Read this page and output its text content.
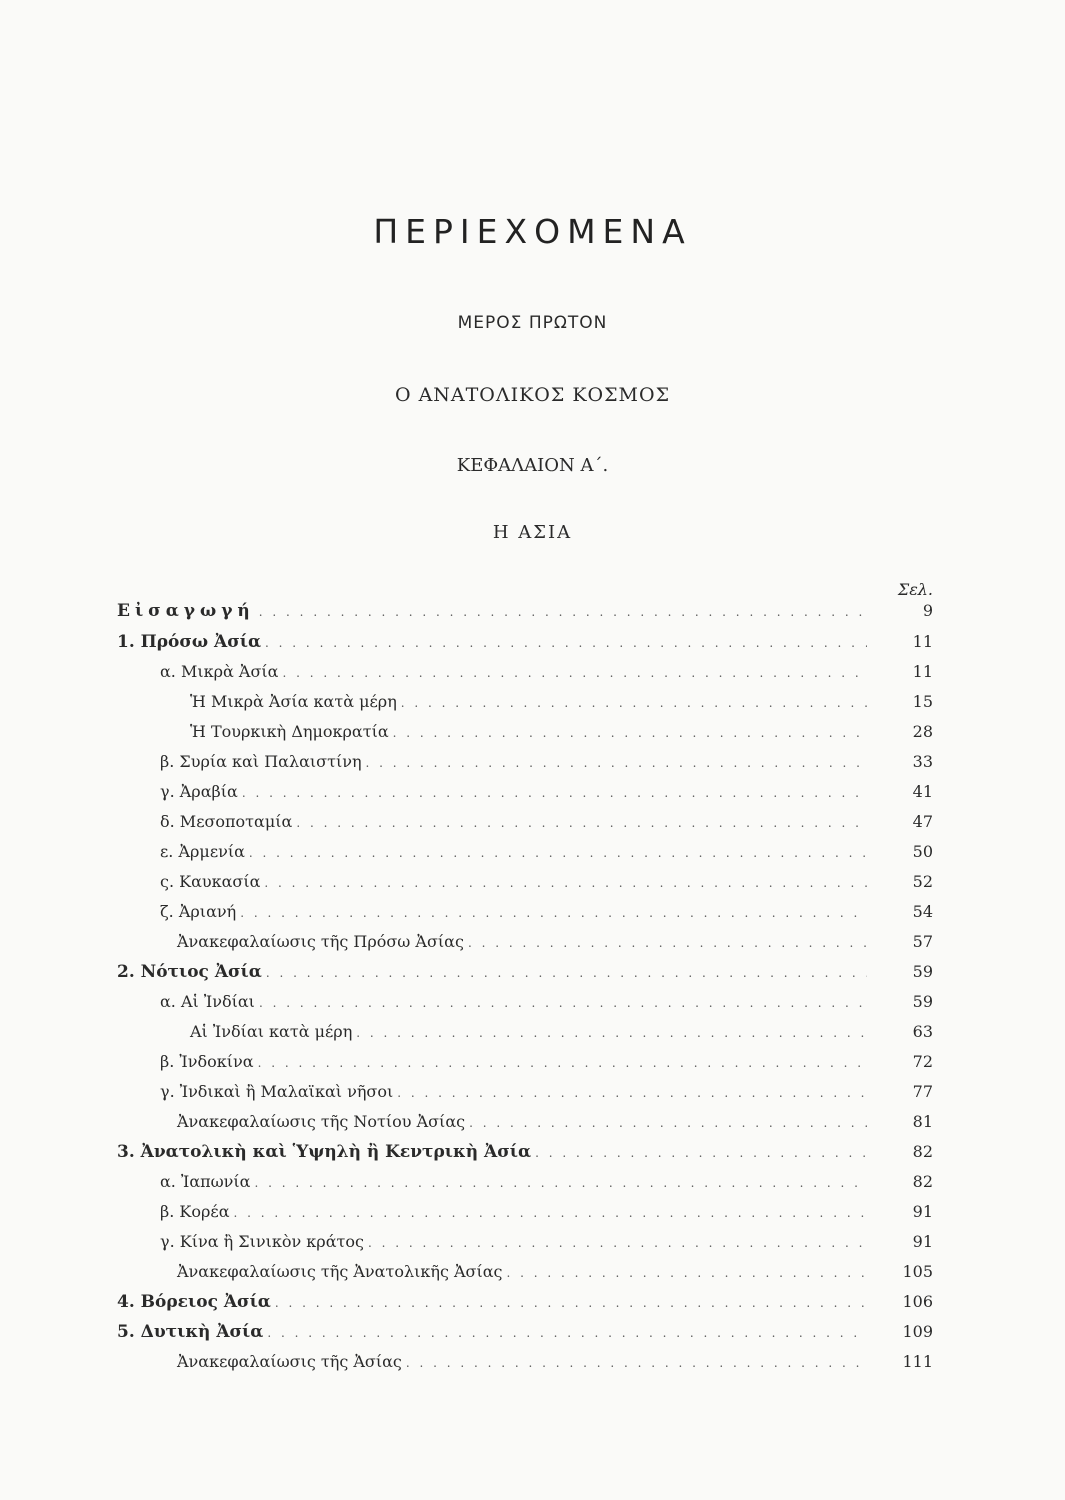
ΠΕΡΙΕΧΟΜΕΝΑ
ΜΕΡΟΣ ΠΡΩΤΟΝ
Ο ΑΝΑΤΟΛΙΚΟΣ ΚΟΣΜΟΣ
ΚΕΦΑΛΑΙΟΝ Α΄.
Η ΑΣΙΑ
Σελ.
Εἰσαγωγή . . .	9
1. Πρόσω Ἀσία . . .	11
α. Μικρὰ Ἀσία . . .	11
Ἡ Μικρὰ Ἀσία κατὰ μέρη . . .	15
Ἡ Τουρκικὴ Δημοκρατία . . .	28
β. Συρία καὶ Παλαιστίνη . . .	33
γ. Ἀραβία . . .	41
δ. Μεσοποταμία . . .	47
ε. Ἀρμενία . . .	50
ς. Καυκασία . . .	52
ζ. Ἀριανή . . .	54
Ἀνακεφαλαίωσις τῆς Πρόσω Ἀσίας . . .	57
2. Νότιος Ἀσία . . .	59
α. Αἱ Ἰνδίαι . . .	59
Αἱ Ἰνδίαι κατὰ μέρη . . .	63
β. Ἰνδοκίνα . . .	72
γ. Ἰνδικαὶ ἢ Μαλαϊκαὶ νῆσοι . . .	77
Ἀνακεφαλαίωσις τῆς Νοτίου Ἀσίας . . .	81
3. Ἀνατολικὴ καὶ Ὑψηλὴ ἢ Κεντρικὴ Ἀσία . . .	82
α. Ἰαπωνία . . .	82
β. Κορέα . . .	91
γ. Κίνα ἢ Σινικὸν κράτος . . .	91
Ἀνακεφαλαίωσις τῆς Ἀνατολικῆς Ἀσίας . . .	105
4. Βόρειος Ἀσία . . .	106
5. Δυτικὴ Ἀσία . . .	109
Ἀνακεφαλαίωσις τῆς Ἀσίας . . .	111
